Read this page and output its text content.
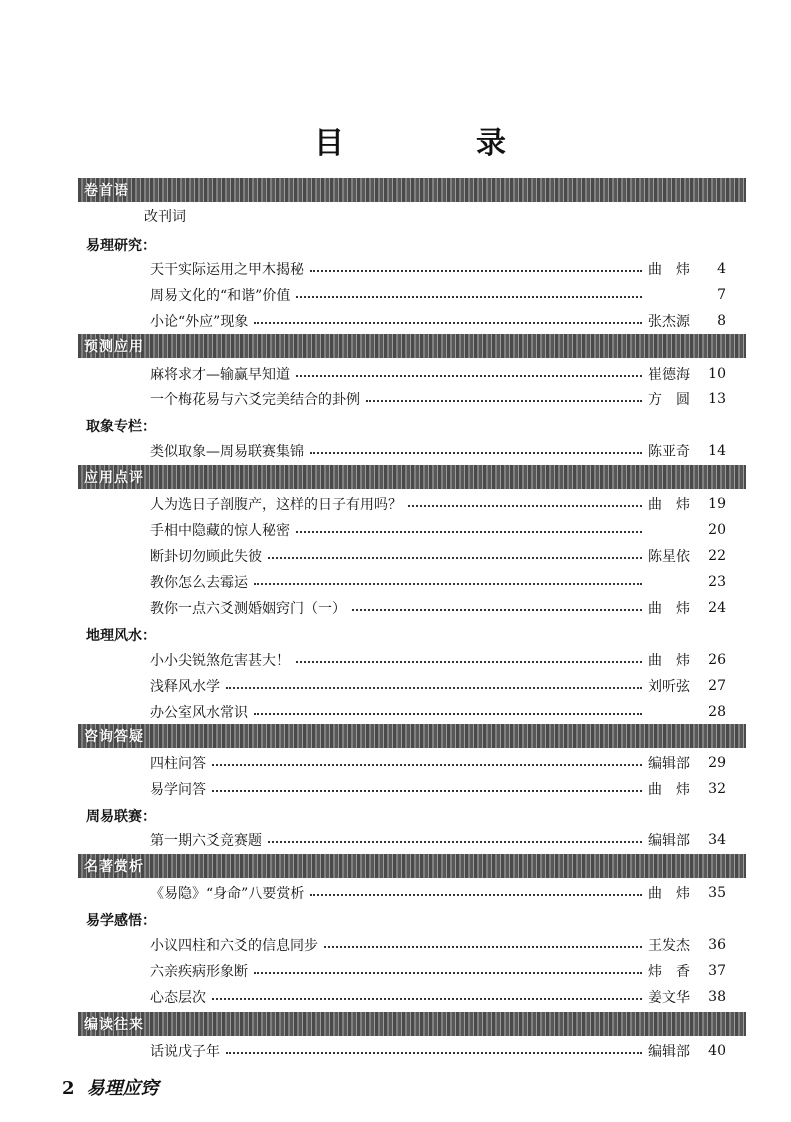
目	录
卷首语
改刊词
易理研究：
天干实际运用之甲木揭秘	曲　炜	4
周易文化的“和谐”价值	7
小论“外应”现象	张杰源	8
预测应用
麻将求才—输赢早知道	崔德海	10
一个梅花易与六爻完美结合的卦例	方　圆	13
取象专栏：
类似取象—周易联赛集锦	陈亚奇	14
应用点评
人为选日子剖腹产，这样的日子有用吗？	曲　炜	19
手相中隐藏的惊人秘密	20
断卦切勿顾此失彼	陈星依	22
教你怎么去霉运	23
教你一点六爻测婚姻窍门（一）	曲　炜	24
地理风水：
小小尖锐煞危害甚大！	曲　炜	26
浅释风水学	刘听弦	27
办公室风水常识	28
咨询答疑
四柱问答	编辑部	29
易学问答	曲　炜	32
周易联赛：
第一期六爻竞赛题	编辑部	34
名著赏析
《易隐》“身命”八要赏析	曲　炜	35
易学感悟：
小议四柱和六爻的信息同步	王发杰	36
六亲疾病形象断	炜　香	37
心态层次	姜文华	38
编读往来
话说戊子年	编辑部	40
2 易理应窍
